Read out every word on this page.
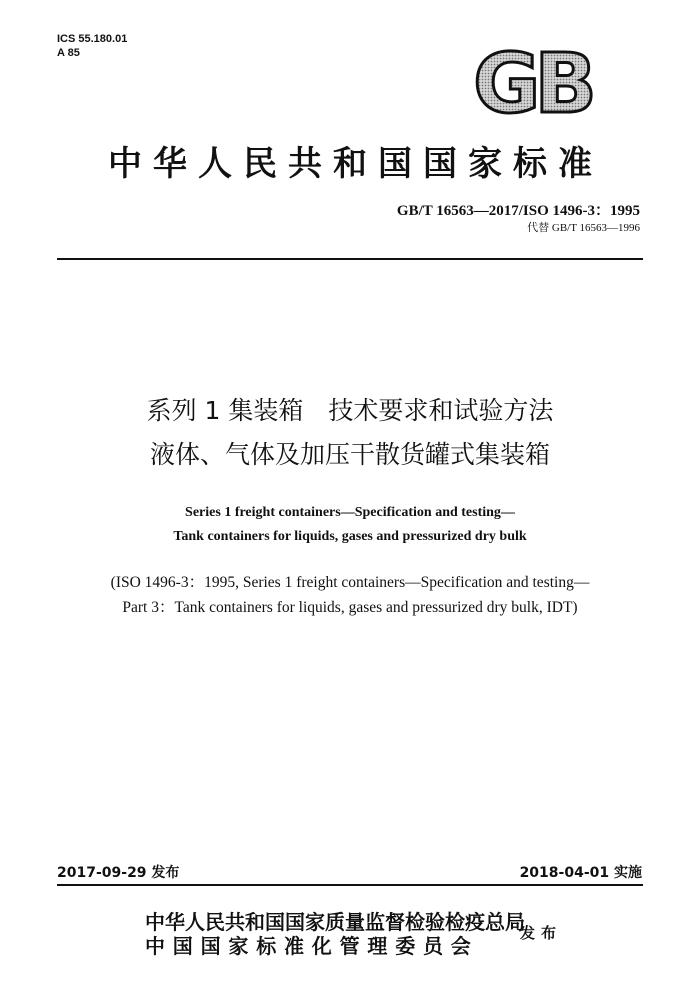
ICS 55.180.01
A 85	GB
中华人民共和国国家标准
GB/T 16563—2017/ISO 1496-3：1995
代替 GB/T 16563—1996
系列 1 集装箱　技术要求和试验方法
液体、气体及加压干散货罐式集装箱
Series 1 freight containers—Specification and testing—
Tank containers for liquids, gases and pressurized dry bulk
(ISO 1496-3：1995, Series 1 freight containers—Specification and testing—
Part 3：Tank containers for liquids, gases and pressurized dry bulk, IDT)
2017-09-29 发布	2018-04-01 实施
中华人民共和国国家质量监督检验检疫总局
中国国家标准化管理委员会
发布
